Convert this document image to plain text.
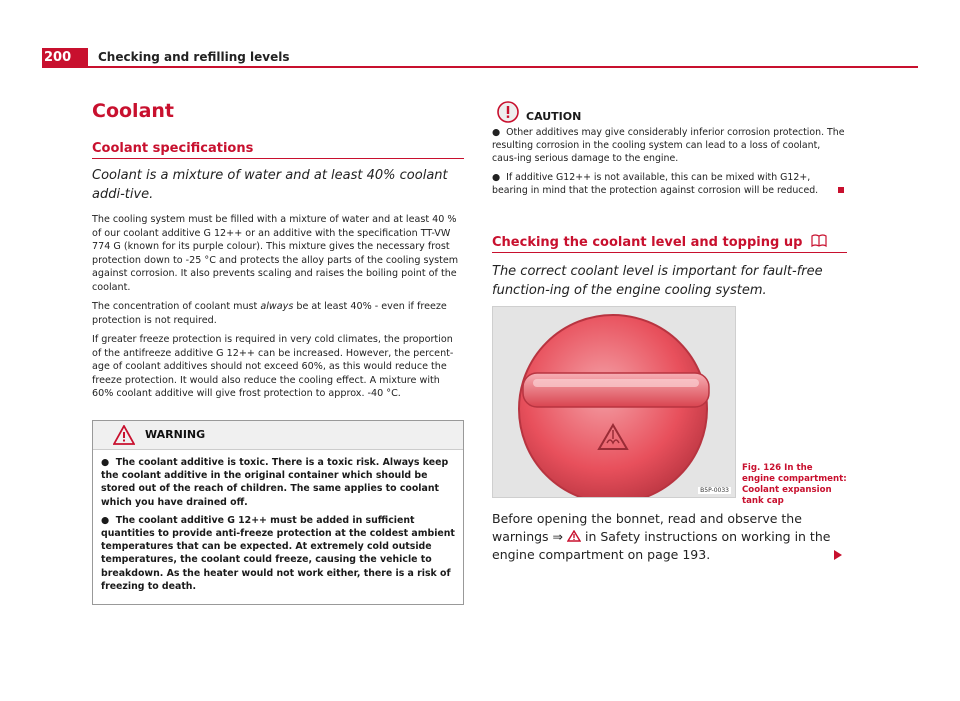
200	Checking and refilling levels
Coolant
Coolant specifications
Coolant is a mixture of water and at least 40% coolant addi-tive.

The cooling system must be filled with a mixture of water and at least 40 % of our coolant additive G 12++ or an additive with the specification TT-VW 774 G (known for its purple colour). This mixture gives the necessary frost protection down to -25 °C and protects the alloy parts of the cooling system against corrosion. It also prevents scaling and raises the boiling point of the coolant.

The concentration of coolant must always be at least 40% - even if freeze protection is not required.

If greater freeze protection is required in very cold climates, the proportion of the antifreeze additive G 12++ can be increased. However, the percent-age of coolant additives should not exceed 60%, as this would reduce the freeze protection. It would also reduce the cooling effect. A mixture with 60% coolant additive will give frost protection to approx. -40 °C.

WARNING

●  The coolant additive is toxic. There is a toxic risk. Always keep the coolant additive in the original container which should be stored out of the reach of children. The same applies to coolant which you have drained off.

●  The coolant additive G 12++ must be added in sufficient quantities to provide anti-freeze protection at the coldest ambient temperatures that can be expected. At extremely cold outside temperatures, the coolant could freeze, causing the vehicle to breakdown. As the heater would not work either, there is a risk of freezing to death.

CAUTION

●  Other additives may give considerably inferior corrosion protection. The resulting corrosion in the cooling system can lead to a loss of coolant, caus-ing serious damage to the engine.

●  If additive G12++ is not available, this can be mixed with G12+, bearing in mind that the protection against corrosion will be reduced.

Checking the coolant level and topping up
The correct coolant level is important for fault-free function-ing of the engine cooling system.
B5P-0033
Fig. 126 In the engine compartment: Coolant expansion tank cap
Before opening the bonnet, read and observe the warnings ⇒  in Safety instructions on working in the engine compartment on page 193.
